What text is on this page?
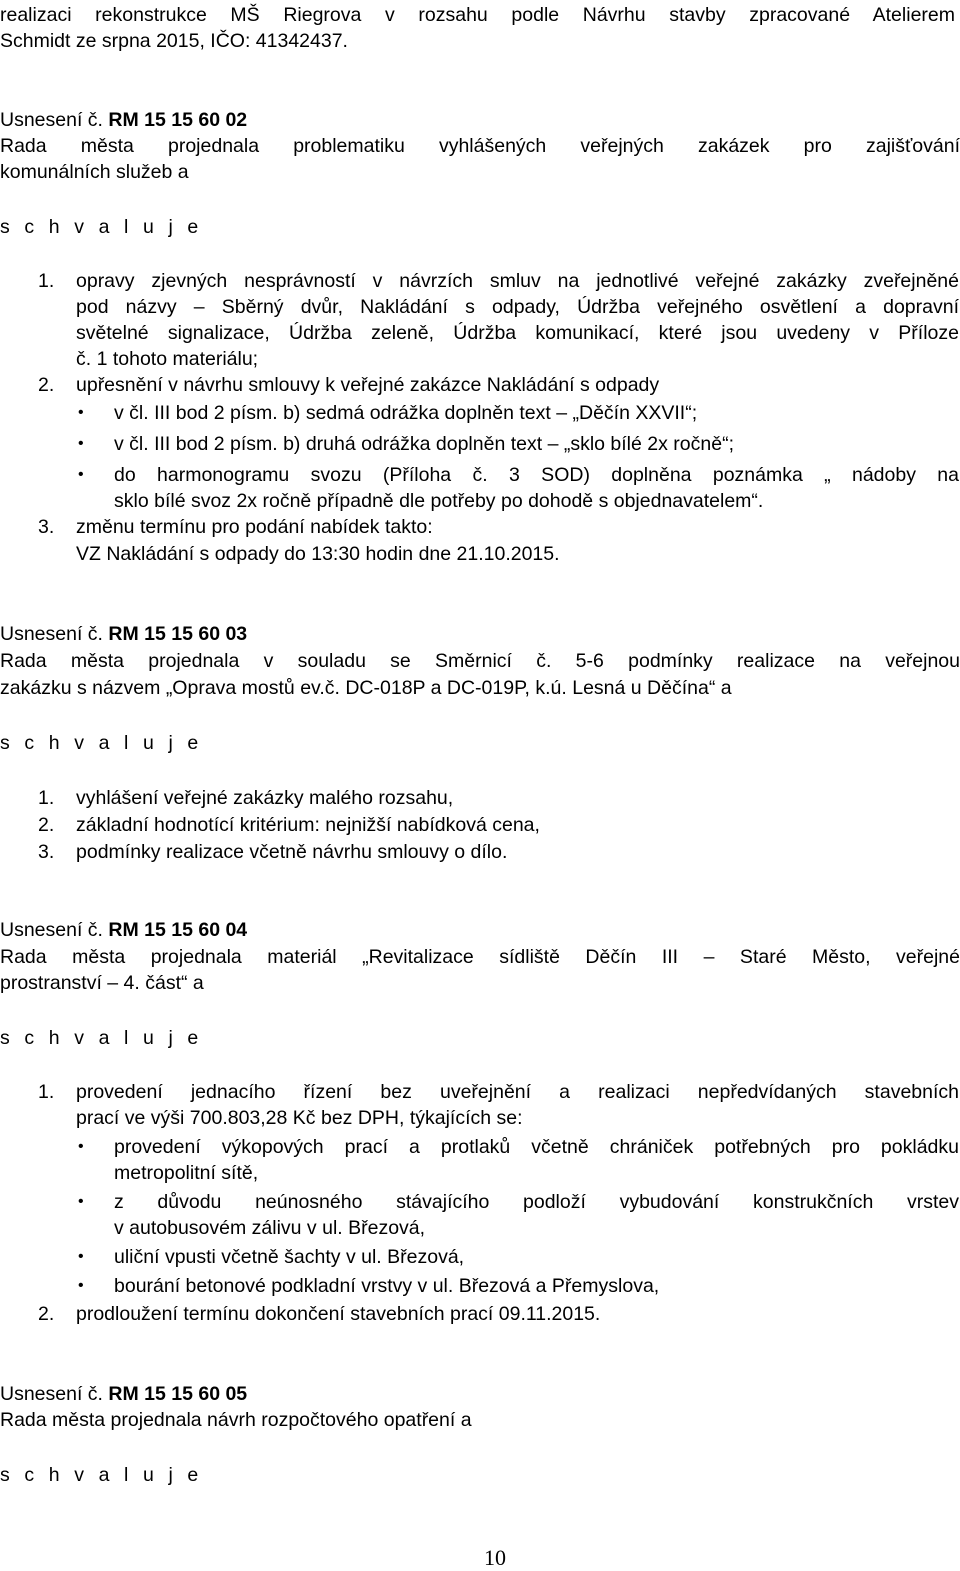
realizaci rekonstrukce MŠ Riegrova v rozsahu podle Návrhu stavby zpracované Atelierem
Schmidt ze srpna 2015, IČO: 41342437.
Usnesení č. RM 15 15 60 02
Rada města projednala problematiku vyhlášených veřejných zakázek pro zajišťování
komunálních služeb a
s c h v a l u j e
1. opravy zjevných nesprávností v návrzích smluv na jednotlivé veřejné zakázky zveřejněné
pod názvy – Sběrný dvůr, Nakládání s odpady, Údržba veřejného osvětlení a dopravní
světelné signalizace, Údržba zeleně, Údržba komunikací, které jsou uvedeny v Příloze
č. 1 tohoto materiálu;
2. upřesnění v návrhu smlouvy k veřejné zakázce Nakládání s odpady
• v čl. III bod 2 písm. b) sedmá odrážka doplněn text – „Děčín XXVII“;
• v čl. III bod 2 písm. b) druhá odrážka doplněn text – „sklo bílé 2x ročně“;
• do harmonogramu svozu (Příloha č. 3 SOD) doplněna poznámka „ nádoby na
sklo bílé svoz 2x ročně případně dle potřeby po dohodě s objednavatelem“.
3. změnu termínu pro podání nabídek takto:
VZ Nakládání s odpady do 13:30 hodin dne 21.10.2015.
Usnesení č. RM 15 15 60 03
Rada města projednala v souladu se Směrnicí č. 5-6 podmínky realizace na veřejnou
zakázku s názvem „Oprava mostů ev.č. DC-018P a DC-019P, k.ú. Lesná u Děčína“ a
s c h v a l u j e
1. vyhlášení veřejné zakázky malého rozsahu,
2. základní hodnotící kritérium: nejnižší nabídková cena,
3. podmínky realizace včetně návrhu smlouvy o dílo.
Usnesení č. RM 15 15 60 04
Rada města projednala materiál „Revitalizace sídliště Děčín III – Staré Město, veřejné
prostranství – 4. část“ a
s c h v a l u j e
1. provedení jednacího řízení bez uveřejnění a realizaci nepředvídaných stavebních
prací ve výši 700.803,28 Kč bez DPH, týkajících se:
• provedení výkopových prací a protlaků včetně chrániček potřebných pro pokládku
metropolitní sítě,
• z důvodu neúnosného stávajícího podloží vybudování konstrukčních vrstev
v autobusovém zálivu v ul. Březová,
• uliční vpusti včetně šachty v ul. Březová,
• bourání betonové podkladní vrstvy v ul. Březová a Přemyslova,
2. prodloužení termínu dokončení stavebních prací 09.11.2015.
Usnesení č. RM 15 15 60 05
Rada města projednala návrh rozpočtového opatření a
s c h v a l u j e
10
